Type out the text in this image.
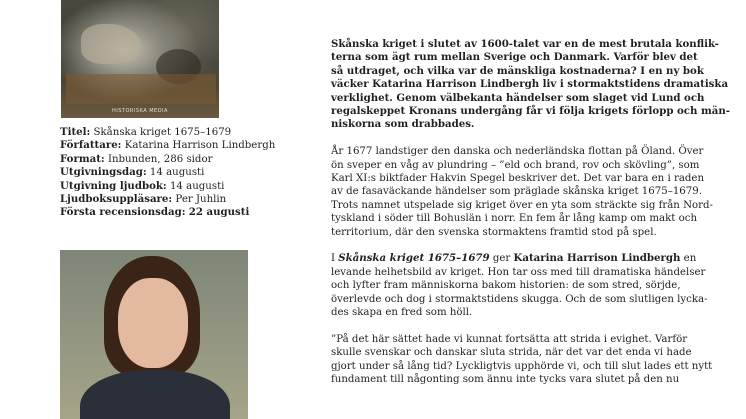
HISTORISKA MEDIA
Titel: Skånska kriget 1675–1679
Författare: Katarina Harrison Lindbergh
Format: Inbunden, 286 sidor
Utgivningsdag: 14 augusti
Utgivning ljudbok: 14 augusti
Ljudboksuppläsare: Per Juhlin
Första recensionsdag: 22 augusti
Skånska kriget i slutet av 1600-talet var en de mest brutala konflik-
terna som ägt rum mellan Sverige och Danmark. Varför blev det
så utdraget, och vilka var de mänskliga kostnaderna? I en ny bok
väcker Katarina Harrison Lindbergh liv i stormaktstidens dramatiska
verklighet. Genom välbekanta händelser som slaget vid Lund och
regalskeppet Kronans undergång får vi följa krigets förlopp och män-
niskorna som drabbades.
År 1677 landstiger den danska och nederländska flottan på Öland. Över
ön sveper en våg av plundring – ”eld och brand, rov och skövling”, som
Karl XI:s biktfader Hakvin Spegel beskriver det. Det var bara en i raden
av de fasaväckande händelser som präglade skånska kriget 1675–1679.
Trots namnet utspelade sig kriget över en yta som sträckte sig från Nord-
tyskland i söder till Bohuslän i norr. En fem år lång kamp om makt och
territorium, där den svenska stormaktens framtid stod på spel.
I Skånska kriget 1675–1679 ger Katarina Harrison Lindbergh en
levande helhetsbild av kriget. Hon tar oss med till dramatiska händelser
och lyfter fram människorna bakom historien: de som stred, sörjde,
överlevde och dog i stormaktstidens skugga. Och de som slutligen lycka-
des skapa en fred som höll.
”På det här sättet hade vi kunnat fortsätta att strida i evighet. Varför
skulle svenskar och danskar sluta strida, när det var det enda vi hade
gjort under så lång tid? Lyckligtvis upphörde vi, och till slut lades ett nytt
fundament till någonting som ännu inte tycks vara slutet på den nu
